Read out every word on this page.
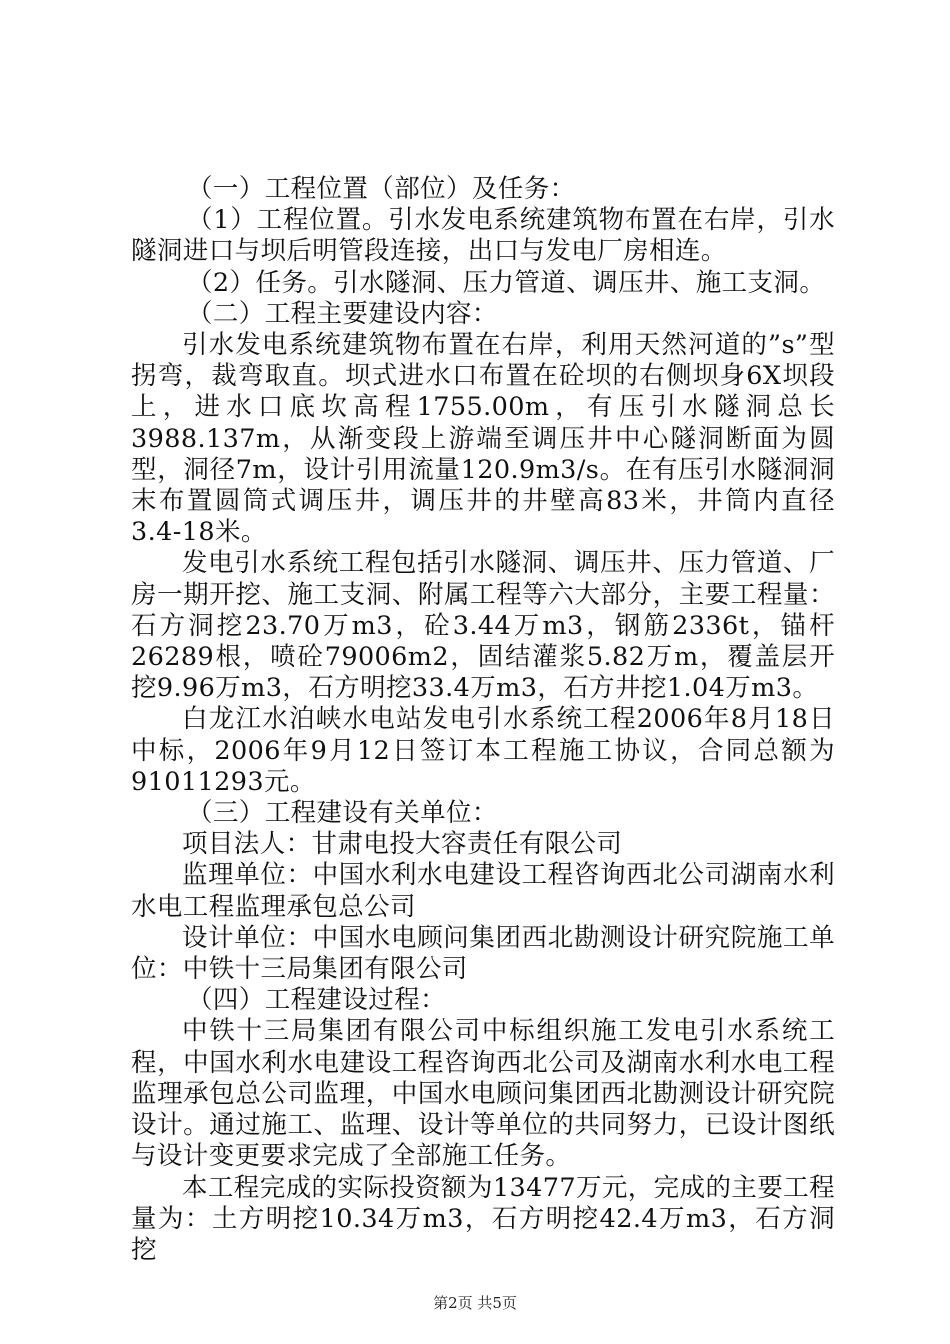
（一）工程位置（部位）及任务：

（1）工程位置。引水发电系统建筑物布置在右岸，引水隧洞进口与坝后明管段连接，出口与发电厂房相连。

（2）任务。引水隧洞、压力管道、调压井、施工支洞。

（二）工程主要建设内容：

引水发电系统建筑物布置在右岸，利用天然河道的”s”型拐弯，裁弯取直。坝式进水口布置在砼坝的右侧坝身6X坝段上，进水口底坎高程1755.00m，有压引水隧洞总长3988.137m，从渐变段上游端至调压井中心隧洞断面为圆型，洞径7m，设计引用流量120.9m3/s。在有压引水隧洞洞末布置圆筒式调压井，调压井的井壁高83米，井筒内直径3.4-18米。

发电引水系统工程包括引水隧洞、调压井、压力管道、厂房一期开挖、施工支洞、附属工程等六大部分，主要工程量：石方洞挖23.70万m3，砼3.44万m3，钢筋2336t，锚杆26289根，喷砼79006m2，固结灌浆5.82万m，覆盖层开挖9.96万m3，石方明挖33.4万m3，石方井挖1.04万m3。

白龙江水泊峡水电站发电引水系统工程2006年8月18日中标，2006年9月12日签订本工程施工协议，合同总额为91011293元。

（三）工程建设有关单位：

项目法人：甘肃电投大容责任有限公司

监理单位：中国水利水电建设工程咨询西北公司湖南水利水电工程监理承包总公司

设计单位：中国水电顾问集团西北勘测设计研究院施工单位：中铁十三局集团有限公司

（四）工程建设过程：

中铁十三局集团有限公司中标组织施工发电引水系统工程，中国水利水电建设工程咨询西北公司及湖南水利水电工程监理承包总公司监理，中国水电顾问集团西北勘测设计研究院设计。通过施工、监理、设计等单位的共同努力，已设计图纸与设计变更要求完成了全部施工任务。

本工程完成的实际投资额为13477万元，完成的主要工程量为：土方明挖10.34万m3，石方明挖42.4万m3，石方洞挖

第2页 共5页
